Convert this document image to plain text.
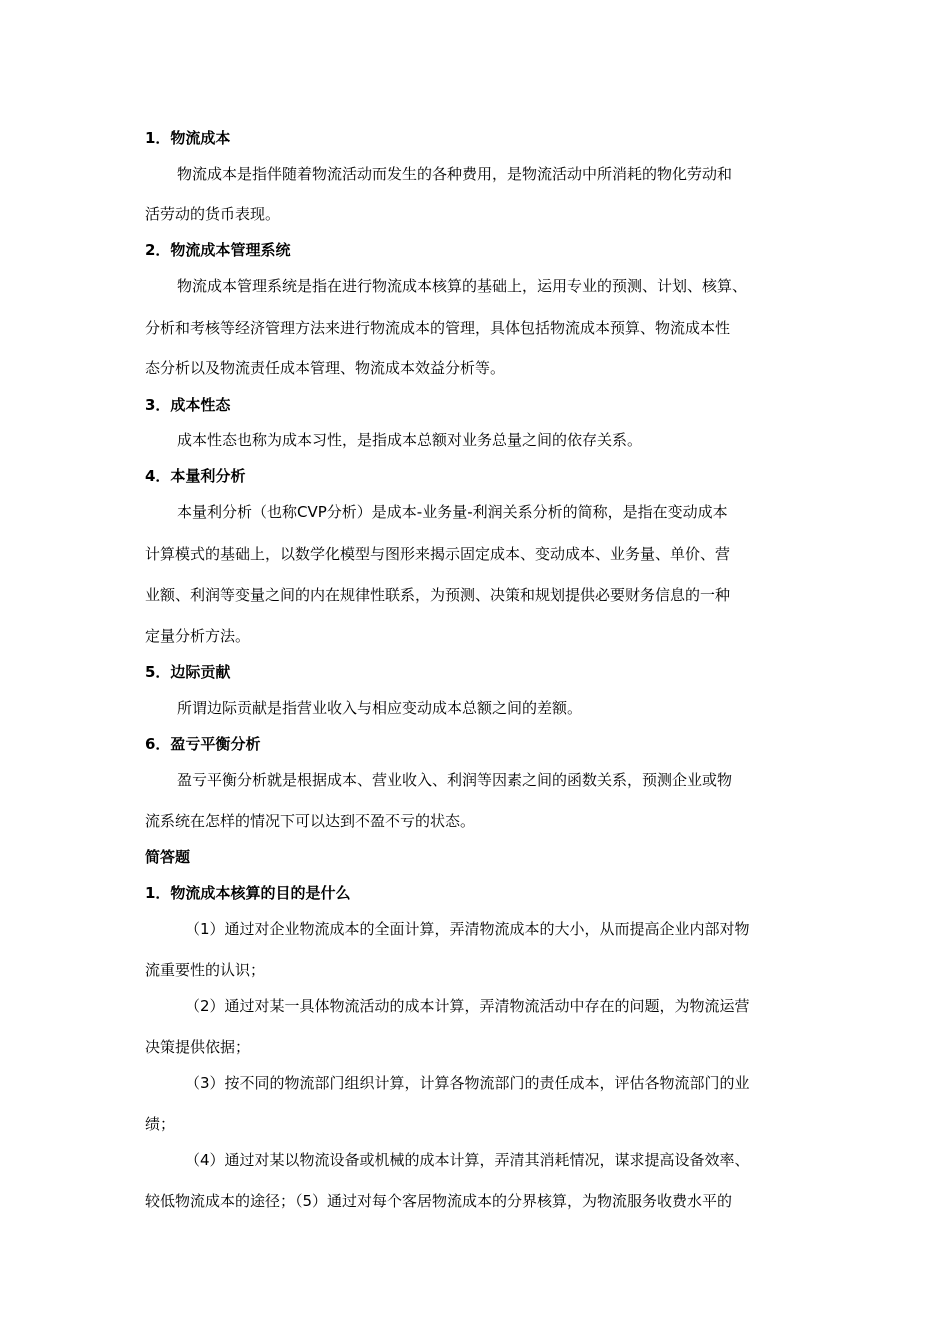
1．物流成本
物流成本是指伴随着物流活动而发生的各种费用，是物流活动中所消耗的物化劳动和
活劳动的货币表现。
2．物流成本管理系统
物流成本管理系统是指在进行物流成本核算的基础上，运用专业的预测、计划、核算、
分析和考核等经济管理方法来进行物流成本的管理，具体包括物流成本预算、物流成本性
态分析以及物流责任成本管理、物流成本效益分析等。
3．成本性态
成本性态也称为成本习性，是指成本总额对业务总量之间的依存关系。
4．本量利分析
本量利分析（也称CVP分析）是成本-业务量-利润关系分析的简称，是指在变动成本
计算模式的基础上，以数学化模型与图形来揭示固定成本、变动成本、业务量、单价、营
业额、利润等变量之间的内在规律性联系，为预测、决策和规划提供必要财务信息的一种
定量分析方法。
5．边际贡献
所谓边际贡献是指营业收入与相应变动成本总额之间的差额。
6．盈亏平衡分析
盈亏平衡分析就是根据成本、营业收入、利润等因素之间的函数关系，预测企业或物
流系统在怎样的情况下可以达到不盈不亏的状态。
简答题
1．物流成本核算的目的是什么
（1）通过对企业物流成本的全面计算，弄清物流成本的大小，从而提高企业内部对物
流重要性的认识；
（2）通过对某一具体物流活动的成本计算，弄清物流活动中存在的问题，为物流运营
决策提供依据；
（3）按不同的物流部门组织计算，计算各物流部门的责任成本，评估各物流部门的业
绩；
（4）通过对某以物流设备或机械的成本计算，弄清其消耗情况，谋求提高设备效率、
较低物流成本的途径；（5）通过对每个客居物流成本的分界核算，为物流服务收费水平的
